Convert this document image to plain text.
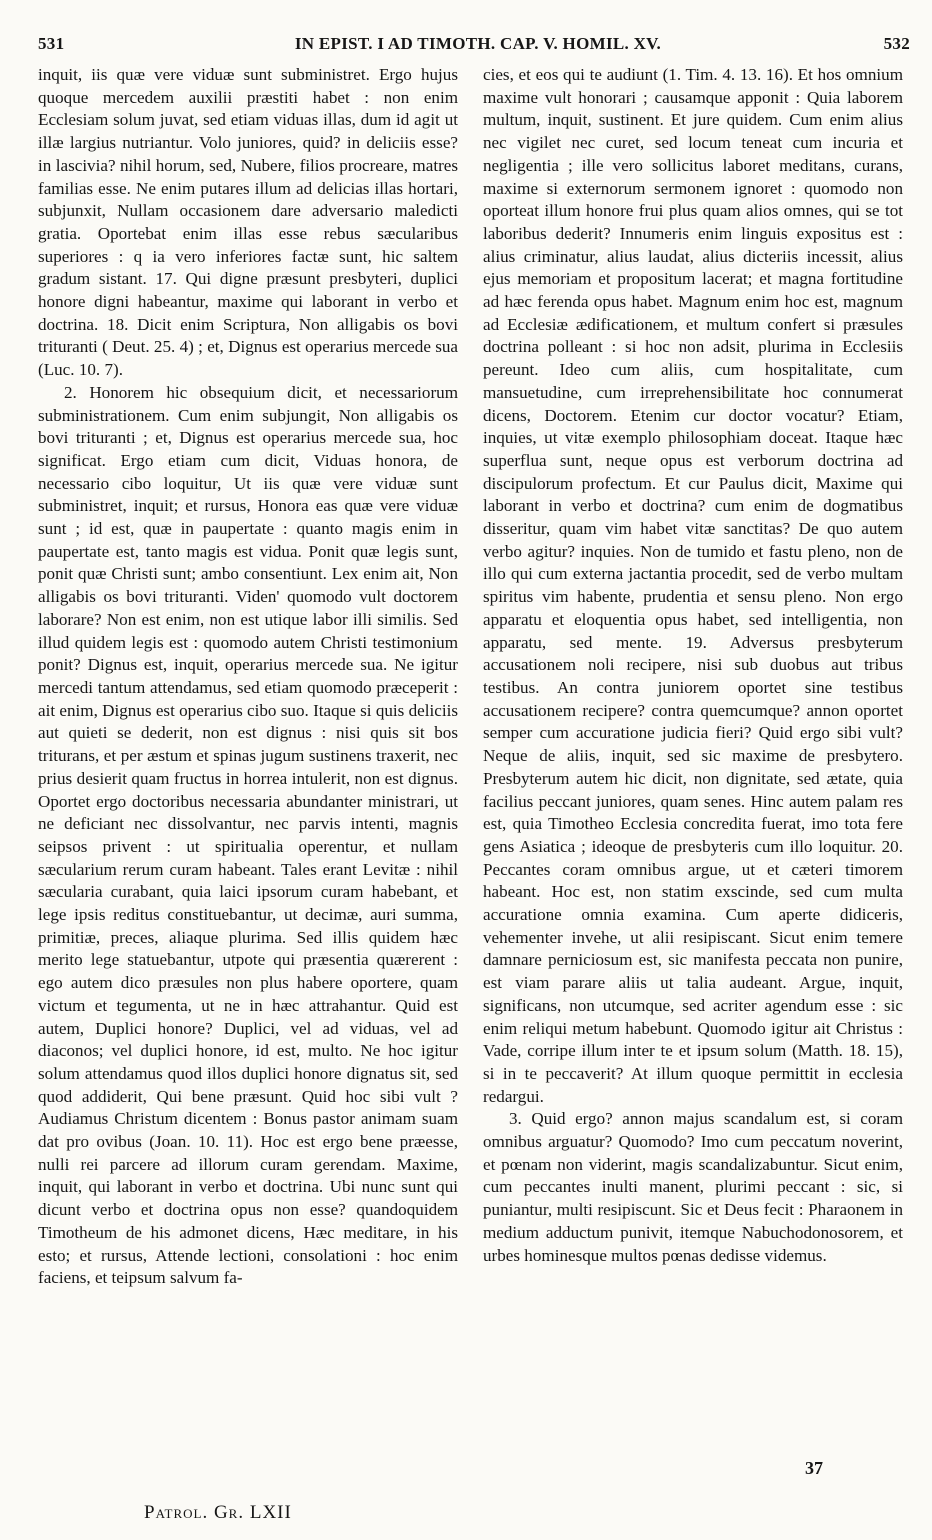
531	IN EPIST. I AD TIMOTH. CAP. V. HOMIL. XV.	532

inquit, iis quæ vere viduæ sunt subministret. Ergo hujus quoque mercedem auxilii præstiti habet : non enim Ecclesiam solum juvat, sed etiam viduas illas, dum id agit ut illæ largius nutriantur. Volo juniores, quid? in deliciis esse? in lascivia? nihil horum, sed, Nubere, filios procreare, matres familias esse. Ne enim putares illum ad delicias illas hortari, subjunxit, Nullam occasionem dare adversario maledicti gratia. Oportebat enim illas esse rebus sæcularibus superiores : q ia vero inferiores factæ sunt, hic saltem gradum sistant. 17. Qui digne præsunt presbyteri, duplici honore digni habeantur, maxime qui laborant in verbo et doctrina. 18. Dicit enim Scriptura, Non alligabis os bovi trituranti ( Deut. 25. 4) ; et, Dignus est operarius mercede sua (Luc. 10. 7).

2. Honorem hic obsequium dicit, et necessariorum subministrationem. Cum enim subjungit, Non alligabis os bovi trituranti ; et, Dignus est operarius mercede sua, hoc significat. Ergo etiam cum dicit, Viduas honora, de necessario cibo loquitur, Ut iis quæ vere viduæ sunt subministret, inquit; et rursus, Honora eas quæ vere viduæ sunt ; id est, quæ in paupertate : quanto magis enim in paupertate est, tanto magis est vidua. Ponit quæ legis sunt, ponit quæ Christi sunt; ambo consentiunt. Lex enim ait, Non alligabis os bovi trituranti. Viden' quomodo vult doctorem laborare? Non est enim, non est utique labor illi similis. Sed illud quidem legis est : quomodo autem Christi testimonium ponit? Dignus est, inquit, operarius mercede sua. Ne igitur mercedi tantum attendamus, sed etiam quomodo præceperit : ait enim, Dignus est operarius cibo suo. Itaque si quis deliciis aut quieti se dederit, non est dignus : nisi quis sit bos triturans, et per æstum et spinas jugum sustinens traxerit, nec prius desierit quam fructus in horrea intulerit, non est dignus. Oportet ergo doctoribus necessaria abundanter ministrari, ut ne deficiant nec dissolvantur, nec parvis intenti, magnis seipsos privent : ut spiritualia operentur, et nullam sæcularium rerum curam habeant. Tales erant Levitæ : nihil sæcularia curabant, quia laici ipsorum curam habebant, et lege ipsis reditus constituebantur, ut decimæ, auri summa, primitiæ, preces, aliaque plurima. Sed illis quidem hæc merito lege statuebantur, utpote qui præsentia quærerent : ego autem dico præsules non plus habere oportere, quam victum et tegumenta, ut ne in hæc attrahantur. Quid est autem, Duplici honore? Duplici, vel ad viduas, vel ad diaconos; vel duplici honore, id est, multo. Ne hoc igitur solum attendamus quod illos duplici honore dignatus sit, sed quod addiderit, Qui bene præsunt. Quid hoc sibi vult ? Audiamus Christum dicentem : Bonus pastor animam suam dat pro ovibus (Joan. 10. 11). Hoc est ergo bene præesse, nulli rei parcere ad illorum curam gerendam. Maxime, inquit, qui laborant in verbo et doctrina. Ubi nunc sunt qui dicunt verbo et doctrina opus non esse? quandoquidem Timotheum de his admonet dicens, Hæc meditare, in his esto; et rursus, Attende lectioni, consolationi : hoc enim faciens, et teipsum salvum fa-

cies, et eos qui te audiunt (1. Tim. 4. 13. 16). Et hos omnium maxime vult honorari ; causamque apponit : Quia laborem multum, inquit, sustinent. Et jure quidem. Cum enim alius nec vigilet nec curet, sed locum teneat cum incuria et negligentia ; ille vero sollicitus laboret meditans, curans, maxime si externorum sermonem ignoret : quomodo non oporteat illum honore frui plus quam alios omnes, qui se tot laboribus dederit? Innumeris enim linguis expositus est : alius criminatur, alius laudat, alius dicteriis incessit, alius ejus memoriam et propositum lacerat; et magna fortitudine ad hæc ferenda opus habet. Magnum enim hoc est, magnum ad Ecclesiæ ædificationem, et multum confert si præsules doctrina polleant : si hoc non adsit, plurima in Ecclesiis pereunt. Ideo cum aliis, cum hospitalitate, cum mansuetudine, cum irreprehensibilitate hoc connumerat dicens, Doctorem. Etenim cur doctor vocatur? Etiam, inquies, ut vitæ exemplo philosophiam doceat. Itaque hæc superflua sunt, neque opus est verborum doctrina ad discipulorum profectum. Et cur Paulus dicit, Maxime qui laborant in verbo et doctrina? cum enim de dogmatibus disseritur, quam vim habet vitæ sanctitas? De quo autem verbo agitur? inquies. Non de tumido et fastu pleno, non de illo qui cum externa jactantia procedit, sed de verbo multam spiritus vim habente, prudentia et sensu pleno. Non ergo apparatu et eloquentia opus habet, sed intelligentia, non apparatu, sed mente. 19. Adversus presbyterum accusationem noli recipere, nisi sub duobus aut tribus testibus. An contra juniorem oportet sine testibus accusationem recipere? contra quemcumque? annon oportet semper cum accuratione judicia fieri? Quid ergo sibi vult? Neque de aliis, inquit, sed sic maxime de presbytero. Presbyterum autem hic dicit, non dignitate, sed ætate, quia facilius peccant juniores, quam senes. Hinc autem palam res est, quia Timotheo Ecclesia concredita fuerat, imo tota fere gens Asiatica ; ideoque de presbyteris cum illo loquitur. 20. Peccantes coram omnibus argue, ut et cæteri timorem habeant. Hoc est, non statim exscinde, sed cum multa accuratione omnia examina. Cum aperte didiceris, vehementer invehe, ut alii resipiscant. Sicut enim temere damnare perniciosum est, sic manifesta peccata non punire, est viam parare aliis ut talia audeant. Argue, inquit, significans, non utcumque, sed acriter agendum esse : sic enim reliqui metum habebunt. Quomodo igitur ait Christus : Vade, corripe illum inter te et ipsum solum (Matth. 18. 15), si in te peccaverit? At illum quoque permittit in ecclesia redargui.

3. Quid ergo? annon majus scandalum est, si coram omnibus arguatur? Quomodo? Imo cum peccatum noverint, et pœnam non viderint, magis scandalizabuntur. Sicut enim, cum peccantes inulti manent, plurimi peccant : sic, si puniantur, multi resipiscunt. Sic et Deus fecit : Pharaonem in medium adductum punivit, itemque Nabuchodonosorem, et urbes hominesque multos pœnas dedisse videmus.

37
Patrol. Gr. LXII
